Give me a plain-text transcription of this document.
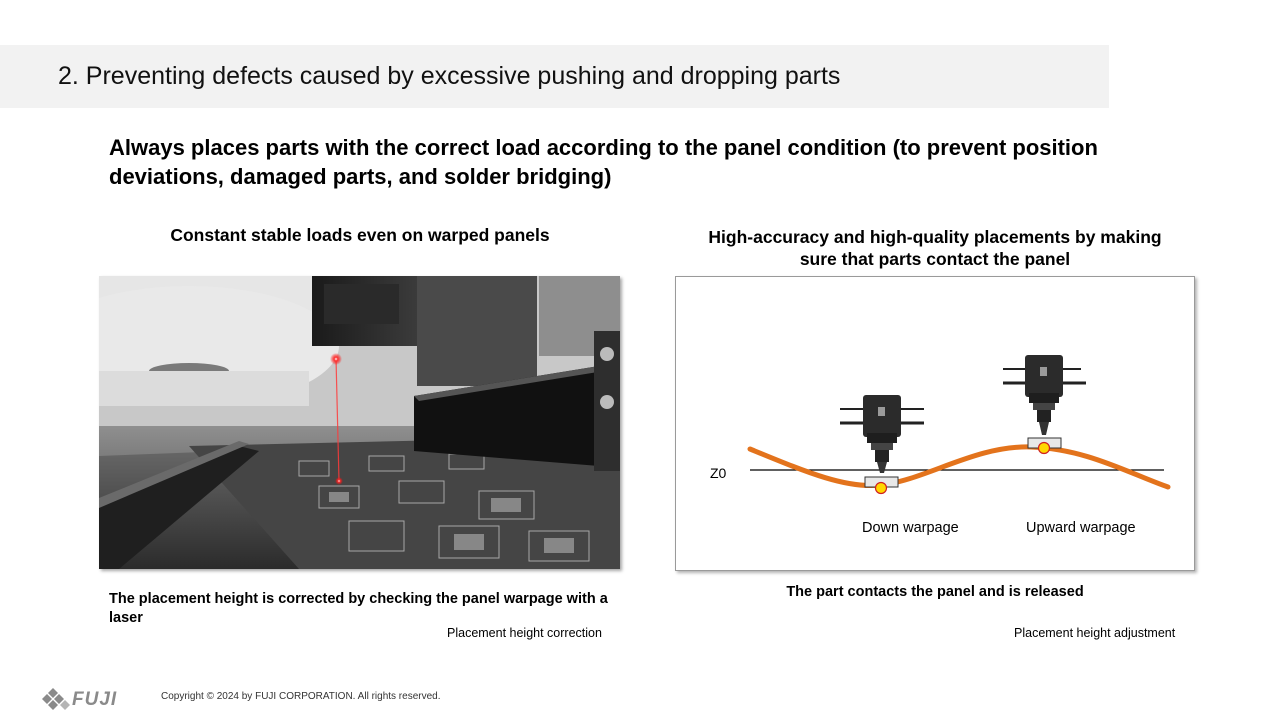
2. Preventing defects caused by excessive pushing and dropping parts
Always places parts with the correct load according to the panel condition (to prevent position deviations, damaged parts, and solder bridging)
Constant stable loads even on warped panels	High-accuracy and high-quality placements by making sure that parts contact the panel
Z0
Down warpage	Upward warpage
The placement height is corrected by checking the panel warpage with a laser
Placement height correction
The part contacts the panel and is released
Placement height adjustment
FUJI	Copyright © 2024 by FUJI CORPORATION. All rights reserved.
